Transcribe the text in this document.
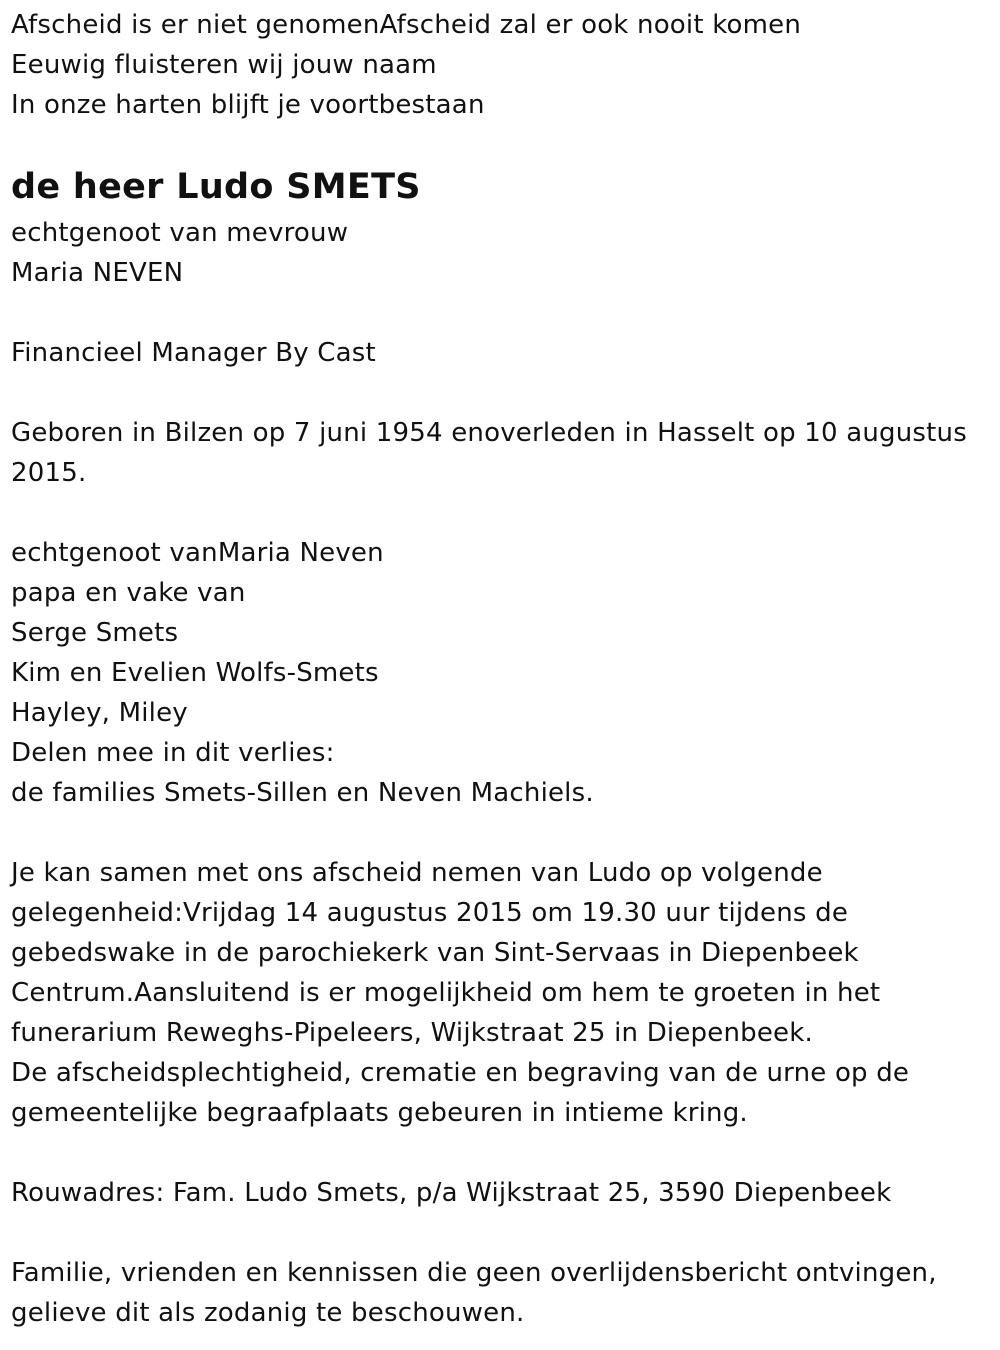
Afscheid is er niet genomenAfscheid zal er ook nooit komen
Eeuwig fluisteren wij jouw naam
In onze harten blijft je voortbestaan
de heer Ludo SMETS
echtgenoot van mevrouw
Maria NEVEN
Financieel Manager By Cast
Geboren in Bilzen op 7 juni 1954 enoverleden in Hasselt op 10 augustus
2015.
echtgenoot vanMaria Neven
papa en vake van
Serge Smets
Kim en Evelien Wolfs-Smets
Hayley, Miley
Delen mee in dit verlies:
de families Smets-Sillen en Neven Machiels.
Je kan samen met ons afscheid nemen van Ludo op volgende
gelegenheid:Vrijdag 14 augustus 2015 om 19.30 uur tijdens de
gebedswake in de parochiekerk van Sint-Servaas in Diepenbeek
Centrum.Aansluitend is er mogelijkheid om hem te groeten in het
funerarium Reweghs-Pipeleers, Wijkstraat 25 in Diepenbeek.
De afscheidsplechtigheid, crematie en begraving van de urne op de
gemeentelijke begraafplaats gebeuren in intieme kring.
Rouwadres: Fam. Ludo Smets, p/a Wijkstraat 25, 3590 Diepenbeek
Familie, vrienden en kennissen die geen overlijdensbericht ontvingen,
gelieve dit als zodanig te beschouwen.
